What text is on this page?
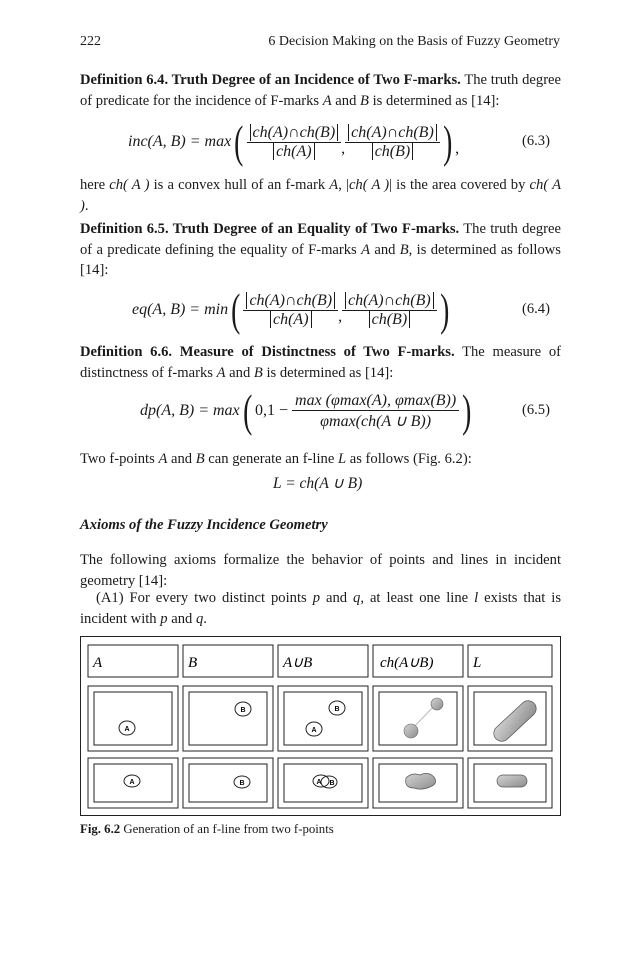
222	6 Decision Making on the Basis of Fuzzy Geometry

Definition 6.4. Truth Degree of an Incidence of Two F-marks. The truth degree of predicate for the incidence of F-marks A and B is determined as [14]:

inc(A, B) = max ( $\frac{ch(A)\cap ch(B)}{ch(A)}$ , $\frac{ch(A)\cap ch(B)}{ch(B)}$ ) ,	(6.3)

here ch( A ) is a convex hull of an f-mark A, |ch( A )| is the area covered by ch( A ).

Definition 6.5. Truth Degree of an Equality of Two F-marks. The truth degree of a predicate defining the equality of F-marks A and B, is determined as follows [14]:

eq(A, B) = min ( $\frac{ch(A)\cap ch(B)}{ch(A)}$ , $\frac{ch(A)\cap ch(B)}{ch(B)}$ )	(6.4)

Definition 6.6. Measure of Distinctness of Two F-marks. The measure of distinctness of f-marks A and B is determined as [14]:

dp(A, B) = max ( $0,1 - \frac{\max (\varphi\max(A), \varphi\max(B))}{\varphi\max(ch(A \cup B))}$ )	(6.5)

Two f-points A and B can generate an f-line L as follows (Fig. 6.2):

L = ch(A ∪ B)
Axioms of the Fuzzy Incidence Geometry

The following axioms formalize the behavior of points and lines in incident geometry [14]:

(A1) For every two distinct points p and q, at least one line l exists that is incident with p and q.

A	B	A∪B	ch(A∪B)	L
A
B
A
B
A	B	A B
Fig. 6.2 Generation of an f-line from two f-points
